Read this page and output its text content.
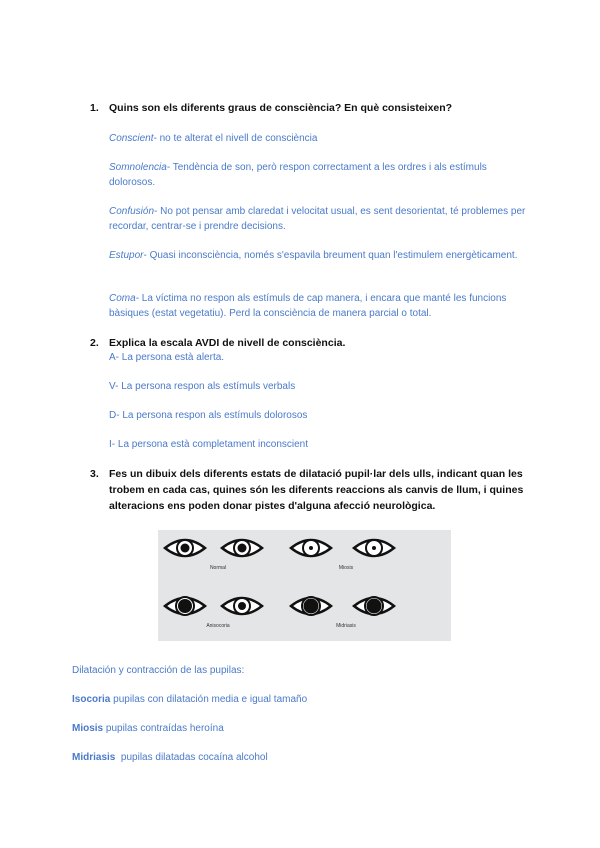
1. Quins son els diferents graus de consciència? En què consisteixen?
Conscient- no te alterat el nivell de consciència
Somnolencia- Tendència de son, però respon correctament a les ordres i als estímuls dolorosos.
Confusión- No pot pensar amb claredat i velocitat usual, es sent desorientat, té problemes per recordar, centrar-se i prendre decisions.
Estupor- Quasi inconsciència, només s'espavila breument quan l'estimulem energèticament.
Coma- La víctima no respon als estímuls de cap manera, i encara que manté les funcions bàsiques (estat vegetatiu). Perd la consciència de manera parcial o total.
2. Explica la escala AVDI de nivell de consciència.
A- La persona està alerta.
V- La persona respon als estímuls verbals
D- La persona respon als estímuls dolorosos
I- La persona està completament inconscient
3. Fes un dibuix dels diferents estats de dilatació pupil·lar dels ulls, indicant quan les trobem en cada cas, quines són les diferents reaccions als canvis de llum, i quines alteracions ens poden donar pistes d'alguna afecció neurològica.
Normal	Miosis
Anisocoria	Midriasis
Dilatación y contracción de las pupilas:
Isocoria pupilas con dilatación media e igual tamaño
Miosis pupilas contraídas heroína
Midriasis  pupilas dilatadas cocaína alcohol
